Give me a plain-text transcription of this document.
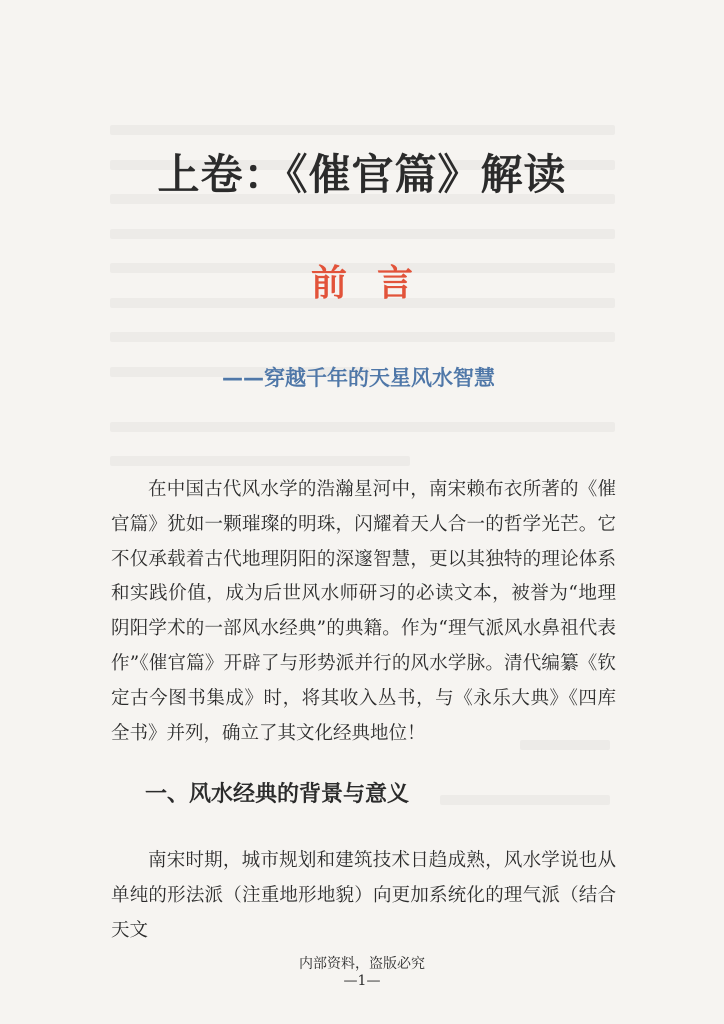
上卷：《催官篇》解读
前言
——穿越千年的天星风水智慧
在中国古代风水学的浩瀚星河中，南宋赖布衣所著的《催官篇》犹如一颗璀璨的明珠，闪耀着天人合一的哲学光芒。它不仅承载着古代地理阴阳的深邃智慧，更以其独特的理论体系和实践价值，成为后世风水师研习的必读文本，被誉为“地理阴阳学术的一部风水经典”的典籍。作为“理气派风水鼻祖代表作”《催官篇》开辟了与形势派并行的风水学脉。清代编纂《钦定古今图书集成》时，将其收入丛书，与《永乐大典》《四库全书》并列，确立了其文化经典地位！
一、风水经典的背景与意义
南宋时期，城市规划和建筑技术日趋成熟，风水学说也从单纯的形法派（注重地形地貌）向更加系统化的理气派（结合天文
内部资料，盗版必究
—1—
